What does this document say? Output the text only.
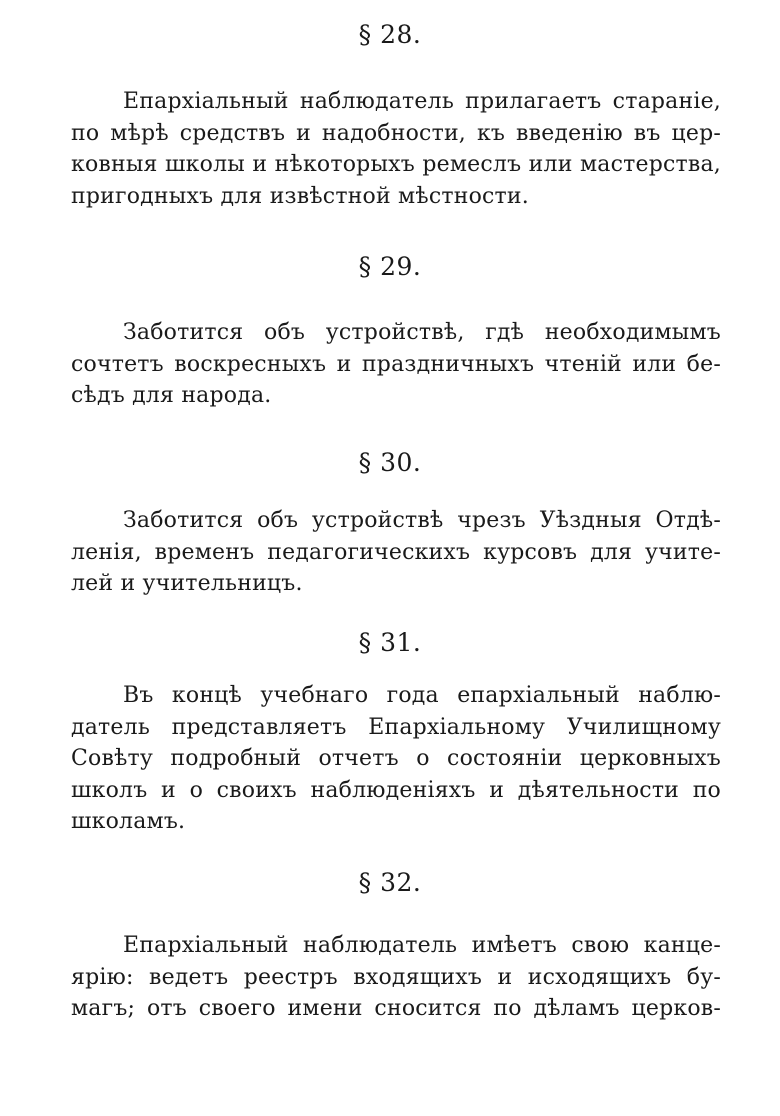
§ 28.
Епархіальный наблюдатель прилагаетъ стараніе,
по мѣрѣ средствъ и надобности, къ введенію въ цер-
ковныя школы и нѣкоторыхъ ремеслъ или мастерства,
пригодныхъ для извѣстной мѣстности.
§ 29.
Заботится объ устройствѣ, гдѣ необходимымъ
сочтетъ воскресныхъ и праздничныхъ чтеній или бе-
сѣдъ для народа.
§ 30.
Заботится объ устройствѣ чрезъ Уѣздныя Отдѣ-
ленія, временъ педагогическихъ курсовъ для учите-
лей и учительницъ.
§ 31.
Въ концѣ учебнаго года епархіальный наблю-
датель представляетъ Епархіальному Училищному
Совѣту подробный отчетъ о состояніи церковныхъ
школъ и о своихъ наблюденіяхъ и дѣятельности по
школамъ.
§ 32.
Епархіальный наблюдатель имѣетъ свою канце-
ярію: ведетъ реестръ входящихъ и исходящихъ бу-
магъ; отъ своего имени сносится по дѣламъ церков-
